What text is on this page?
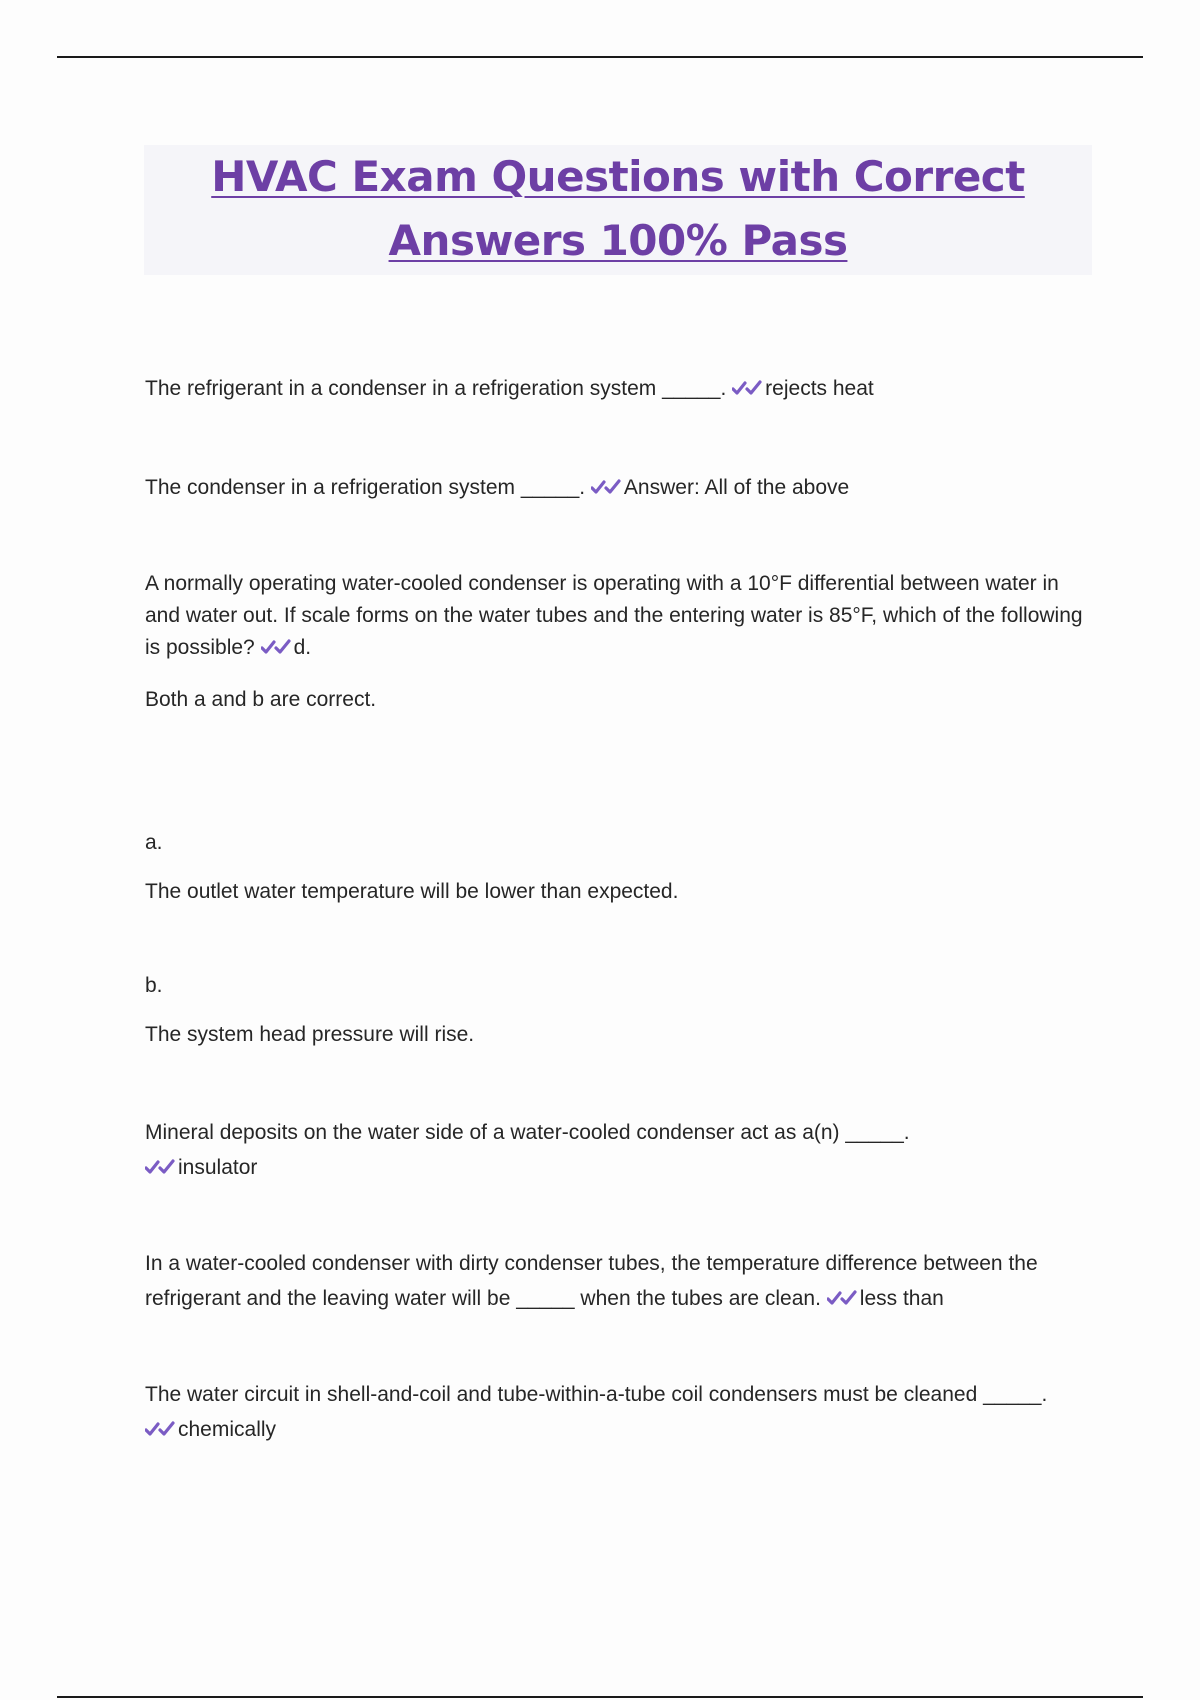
HVAC Exam Questions with Correct
Answers 100% Pass

The refrigerant in a condenser in a refrigeration system _____. rejects heat

The condenser in a refrigeration system _____. Answer: All of the above

A normally operating water-cooled condenser is operating with a 10°F differential between water in and water out. If scale forms on the water tubes and the entering water is 85°F, which of the following is possible? d.

Both a and b are correct.

a.

The outlet water temperature will be lower than expected.

b.

The system head pressure will rise.

Mineral deposits on the water side of a water-cooled condenser act as a(n) _____.

insulator

In a water-cooled condenser with dirty condenser tubes, the temperature difference between the refrigerant and the leaving water will be _____ when the tubes are clean. less than

The water circuit in shell-and-coil and tube-within-a-tube coil condensers must be cleaned _____.
chemically
